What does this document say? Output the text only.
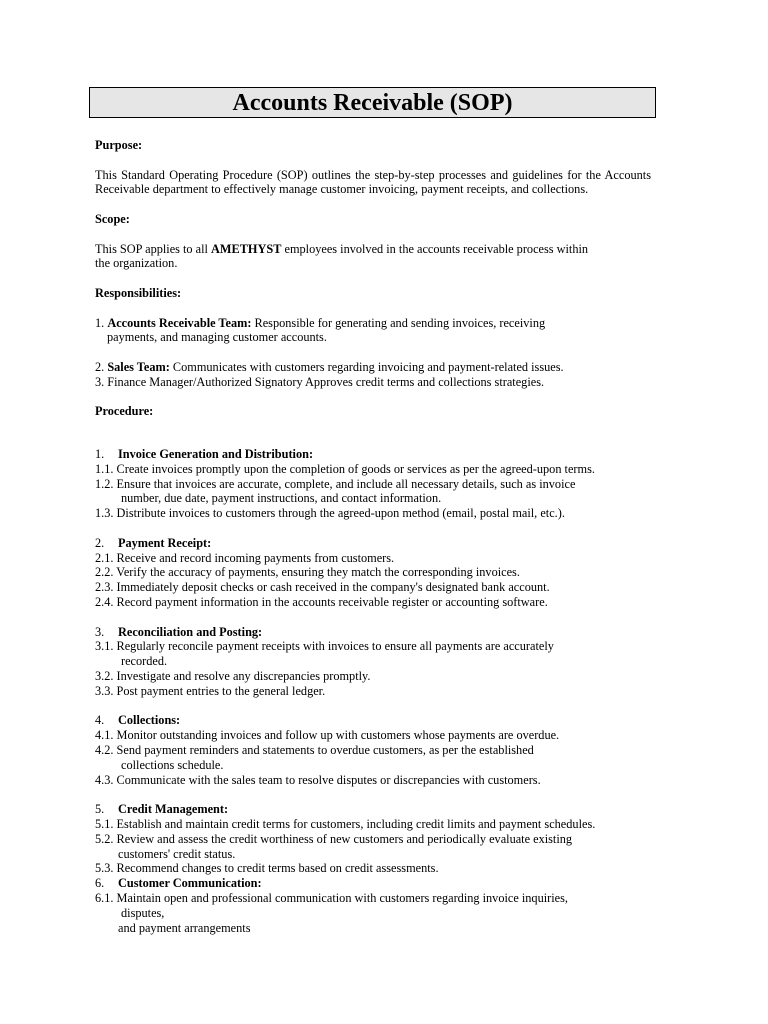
Accounts Receivable (SOP)
Purpose:
This Standard Operating Procedure (SOP) outlines the step-by-step processes and guidelines for the Accounts Receivable department to effectively manage customer invoicing, payment receipts, and collections.
Scope:
This SOP applies to all AMETHYST employees involved in the accounts receivable process within
the organization.
Responsibilities:
1. Accounts Receivable Team: Responsible for generating and sending invoices, receiving
payments, and managing customer accounts.
2. Sales Team: Communicates with customers regarding invoicing and payment-related issues.
3. Finance Manager/Authorized Signatory Approves credit terms and collections strategies.
Procedure:
1. Invoice Generation and Distribution:
1.1. Create invoices promptly upon the completion of goods or services as per the agreed-upon terms.
1.2. Ensure that invoices are accurate, complete, and include all necessary details, such as invoice
number, due date, payment instructions, and contact information.
1.3. Distribute invoices to customers through the agreed-upon method (email, postal mail, etc.).
2. Payment Receipt:
2.1. Receive and record incoming payments from customers.
2.2. Verify the accuracy of payments, ensuring they match the corresponding invoices.
2.3. Immediately deposit checks or cash received in the company's designated bank account.
2.4. Record payment information in the accounts receivable register or accounting software.
3. Reconciliation and Posting:
3.1. Regularly reconcile payment receipts with invoices to ensure all payments are accurately
recorded.
3.2. Investigate and resolve any discrepancies promptly.
3.3. Post payment entries to the general ledger.
4. Collections:
4.1. Monitor outstanding invoices and follow up with customers whose payments are overdue.
4.2. Send payment reminders and statements to overdue customers, as per the established
collections schedule.
4.3. Communicate with the sales team to resolve disputes or discrepancies with customers.
5. Credit Management:
5.1. Establish and maintain credit terms for customers, including credit limits and payment schedules.
5.2. Review and assess the credit worthiness of new customers and periodically evaluate existing
customers' credit status.
5.3. Recommend changes to credit terms based on credit assessments.
6. Customer Communication:
6.1. Maintain open and professional communication with customers regarding invoice inquiries,
disputes,
and payment arrangements
